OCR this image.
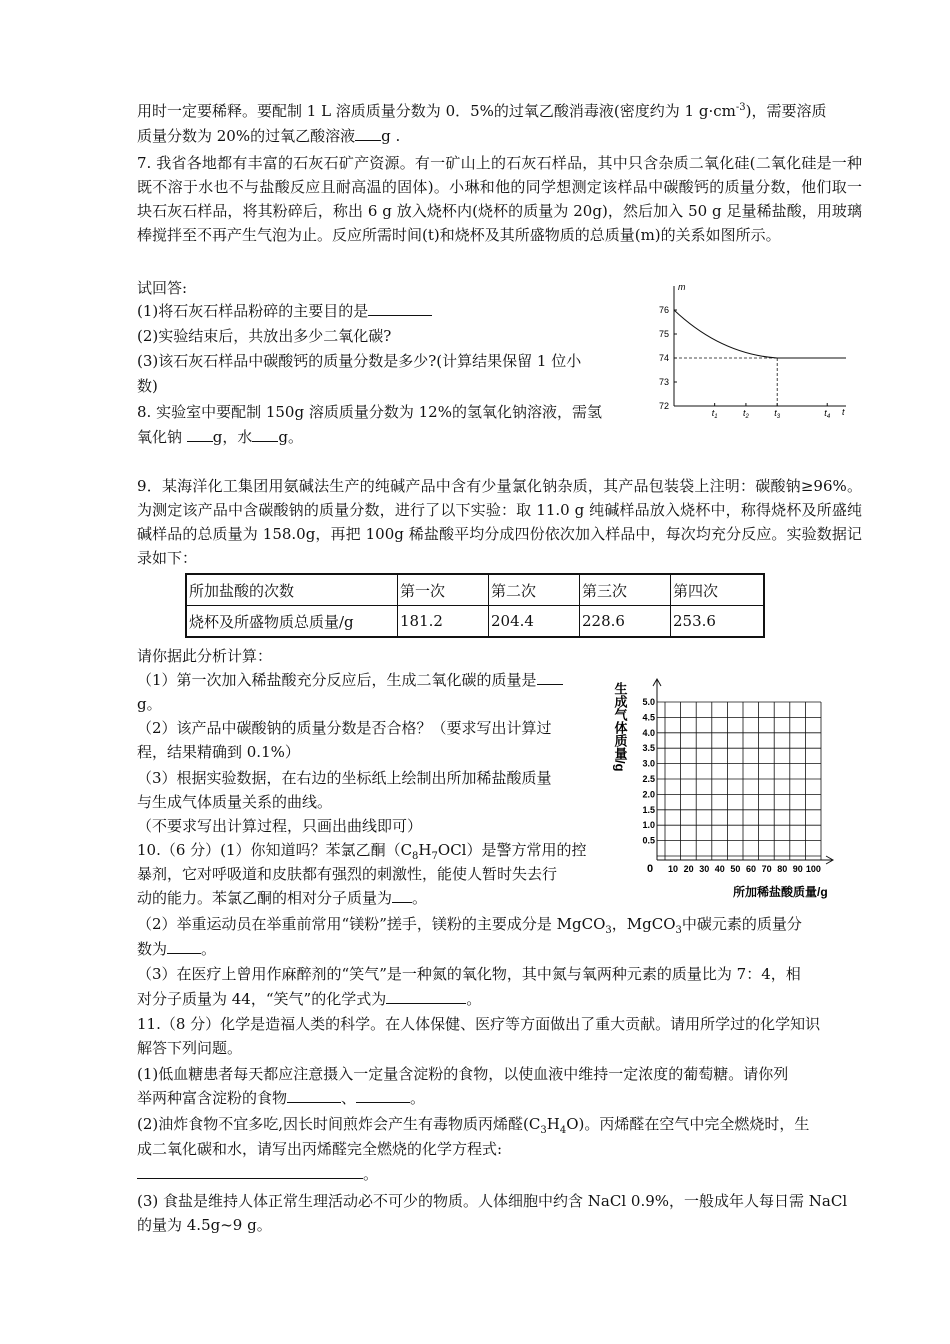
用时一定要稀释。要配制 1 L 溶质质量分数为 0．5%的过氧乙酸消毒液(密度约为 1 $g\cdot cm^{-3}$)，需要溶质
质量分数为 20%的过氧乙酸溶液 g .
7. 我省各地都有丰富的石灰石矿产资源。有一矿山上的石灰石样品，其中只含杂质二氧化硅(二氧化硅是一种既不溶于水也不与盐酸反应且耐高温的固体)。小琳和他的同学想测定该样品中碳酸钙的质量分数，他们取一块石灰石样品，将其粉碎后，称出 6 g 放入烧杯内(烧杯的质量为 20g)，然后加入 50 g 足量稀盐酸，用玻璃棒搅拌至不再产生气泡为止。反应所需时间(t)和烧杯及其所盛物质的总质量(m)的关系如图所示。
试回答:
(1)将石灰石样品粉碎的主要目的是
(2)实验结束后，共放出多少二氧化碳?
(3)该石灰石样品中碳酸钙的质量分数是多少?(计算结果保留 1 位小
数)
8. 实验室中要配制 150g 溶质质量分数为 12%的氢氧化钠溶液，需氢
氧化钠 g，水 g。
m
t
72
73
74
75
76
$t_1$	$t_2$	$t_3$	$t_4$
9．某海洋化工集团用氨碱法生产的纯碱产品中含有少量氯化钠杂质，其产品包装袋上注明：碳酸钠≥96%。为测定该产品中含碳酸钠的质量分数，进行了以下实验：取 11.0 g 纯碱样品放入烧杯中，称得烧杯及所盛纯碱样品的总质量为 158.0g，再把 100g 稀盐酸平均分成四份依次加入样品中，每次均充分反应。实验数据记录如下：
所加盐酸的次数	第一次	第二次	第三次	第四次
烧杯及所盛物质总质量/g	181.2	204.4	228.6	253.6
请你据此分析计算：
（1）第一次加入稀盐酸充分反应后，生成二氧化碳的质量是
g。
（2）该产品中碳酸钠的质量分数是否合格？（要求写出计算过
程，结果精确到 0.1%）
（3）根据实验数据，在右边的坐标纸上绘制出所加稀盐酸质量
与生成气体质量关系的曲线。
（不要求写出计算过程，只画出曲线即可）
0.5
1.0
1.5
2.0
2.5
3.0
3.5
4.0
4.5
5.0
10 20 30 40 50 60 70 80 90 100
0
生成气体质量/g
所加稀盐酸质量/g
10.（6 分）(1）你知道吗？苯氯乙酮$(C_8H_7OCl)$是警方常用的控
暴剂，它对呼吸道和皮肤都有强烈的刺激性，能使人暂时失去行
动的能力。苯氯乙酮的相对分子质量为 。
（2）举重运动员在举重前常用“镁粉”搓手，镁粉的主要成分是 MgCO$_3$，MgCO$_3$中碳元素的质量分
数为 。
（3）在医疗上曾用作麻醉剂的“笑气”是一种氮的氧化物，其中氮与氧两种元素的质量比为 7：4，相
对分子质量为 44，“笑气”的化学式为	。
11.（8 分）化学是造福人类的科学。在人体保健、医疗等方面做出了重大贡献。请用所学过的化学知识
解答下列问题。
(1)低血糖患者每天都应注意摄入一定量含淀粉的食物，以使血液中维持一定浓度的葡萄糖。请你列
举两种富含淀粉的食物	、	。
(2)油炸食物不宜多吃,因长时间煎炸会产生有毒物质丙烯醛$(C_3H_4O)$。丙烯醛在空气中完全燃烧时，生
成二氧化碳和水，请写出丙烯醛完全燃烧的化学方程式:
。
(3) 食盐是维持人体正常生理活动必不可少的物质。人体细胞中约含 NaCl 0.9%，一般成年人每日需 NaCl
的量为 4.5g~9 g。
